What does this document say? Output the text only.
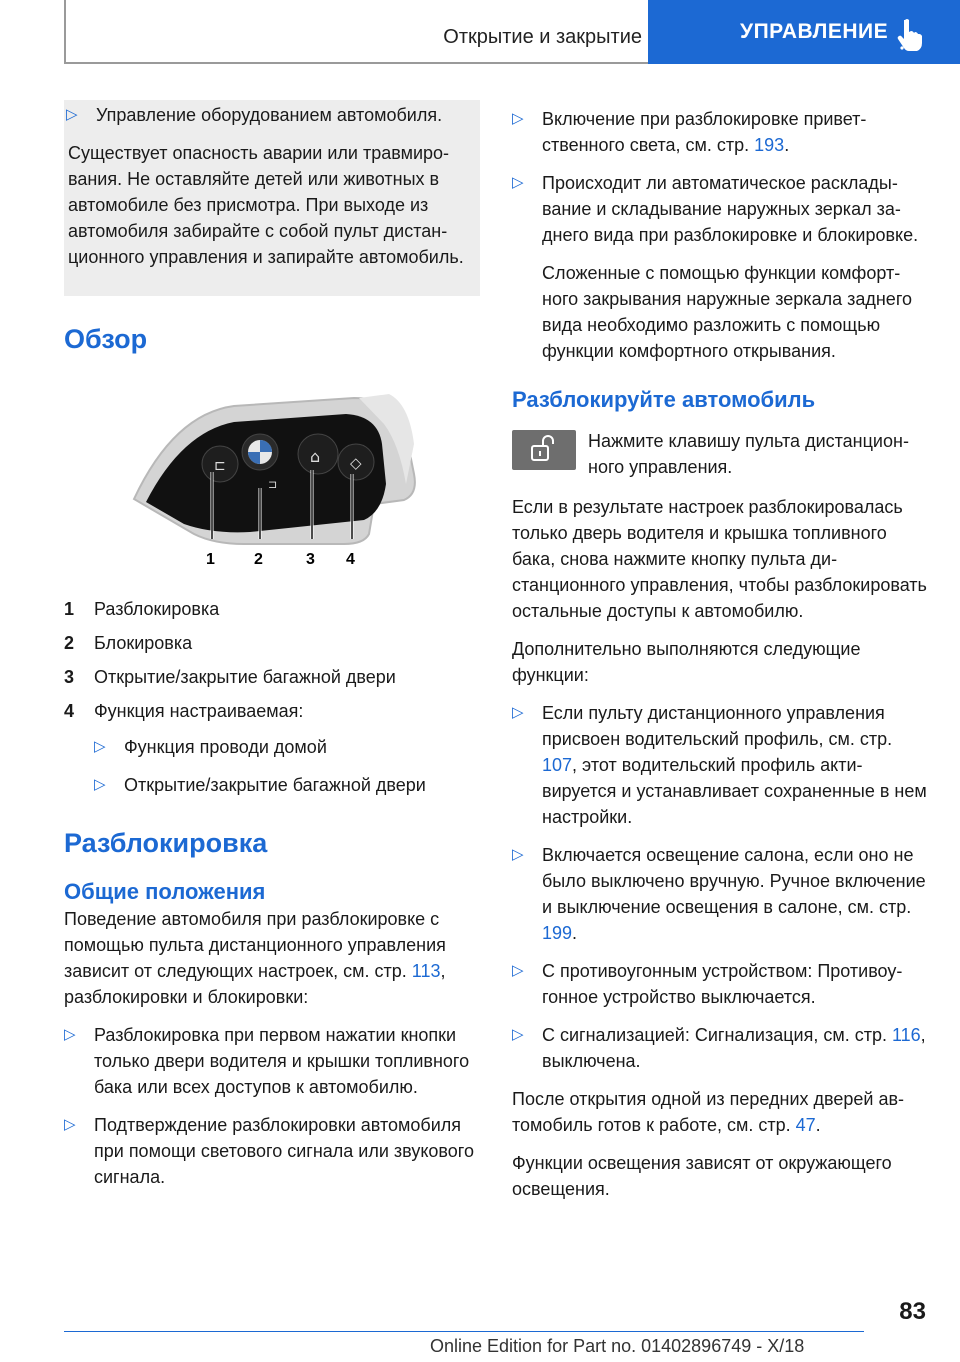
Открытие и закрытие	УПРАВЛЕНИЕ
▷ Управление оборудованием автомобиля.

Существует опасность аварии или травмирования. Не оставляйте детей или животных в автомобиле без присмотра. При выходе из автомобиля забирайте с собой пульт дистанционного управления и запирайте автомобиль.

Обзор
⊏	⌂ ◇
⊐
1 2	3 4
1	Разблокировка
2	Блокировка
3	Открытие/закрытие багажной двери
4	Функция настраиваемая:
▷ Функция проводи домой
▷ Открытие/закрытие багажной двери
Разблокировка
Общие положения

Поведение автомобиля при разблокировке с помощью пульта дистанционного управления зависит от следующих настроек, см. стр. 113, разблокировки и блокировки:

▷ Разблокировка при первом нажатии кнопки только двери водителя и крышки топливного бака или всех доступов к автомобилю.
▷ Подтверждение разблокировки автомобиля при помощи светового сигнала или звукового сигнала.
▷ Включение при разблокировке приветственного света, см. стр. 193.
▷ Происходит ли автоматическое раскладывание и складывание наружных зеркал заднего вида при разблокировке и блокировке.

Сложенные с помощью функции комфортного закрывания наружные зеркала заднего вида необходимо разложить с помощью функции комфортного открывания.

Разблокируйте автомобиль
Нажмите клавишу пульта дистанционного управления.

Если в результате настроек разблокировалась только дверь водителя и крышка топливного бака, снова нажмите кнопку пульта дистанционного управления, чтобы разблокировать остальные доступы к автомобилю.

Дополнительно выполняются следующие функции:

▷ Если пульту дистанционного управления присвоен водительский профиль, см. стр. 107, этот водительский профиль активируется и устанавливает сохраненные в нем настройки.
▷ Включается освещение салона, если оно не было выключено вручную. Ручное включение и выключение освещения в салоне, см. стр. 199.
▷ С противоугонным устройством: Противоугонное устройство выключается.
▷ С сигнализацией: Сигнализация, см. стр. 116, выключена.

После открытия одной из передних дверей автомобиль готов к работе, см. стр. 47.

Функции освещения зависят от окружающего освещения.

83
Online Edition for Part no. 01402896749 - X/18
